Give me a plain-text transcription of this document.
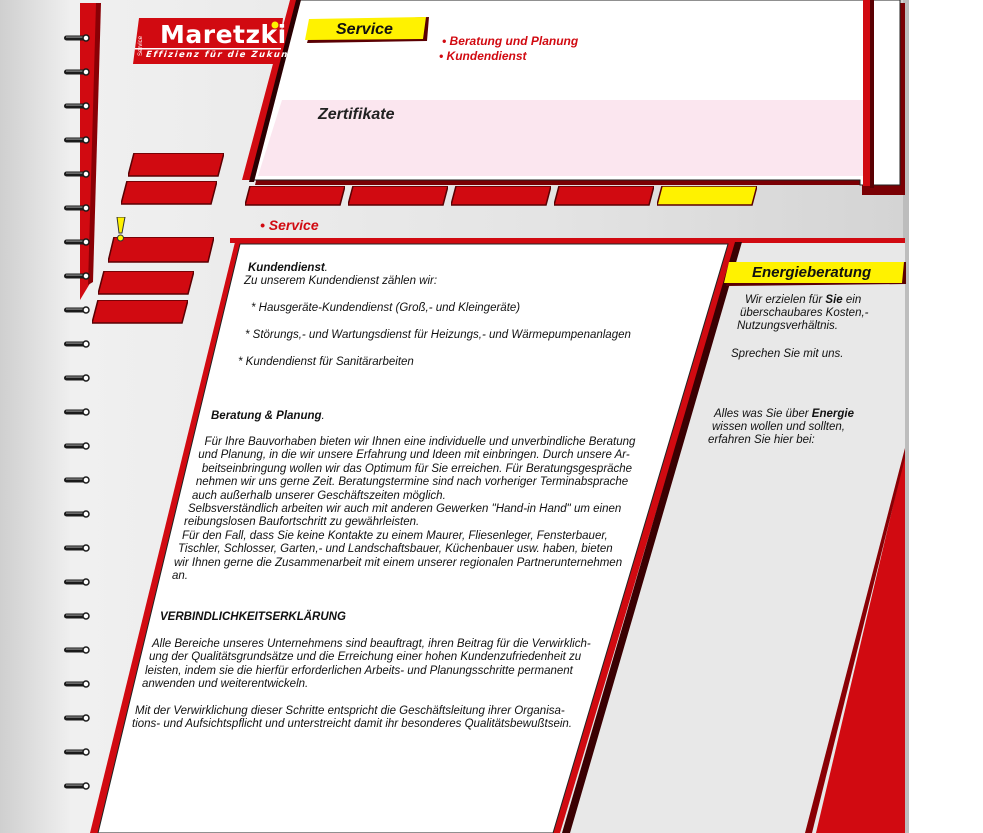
Service Maretzki
Effizienz für die Zukunft!
Service
• Beratung und Planung
• Kundendienst
Zertifikate
• Service
Energieberatung
Wir erzielen für Sie ein
überschaubares Kosten,-
Nutzungsverhältnis.
Sprechen Sie mit uns.
Alles was Sie über Energie
wissen wollen und sollten,
erfahren Sie hier bei:
Kundendienst.
Zu unserem Kundendienst zählen wir:
* Hausgeräte-Kundendienst (Groß,- und Kleingeräte)
* Störungs,- und Wartungsdienst für Heizungs,- und Wärmepumpenanlagen
* Kundendienst für Sanitärarbeiten
Beratung & Planung.
Für Ihre Bauvorhaben bieten wir Ihnen eine individuelle und unverbindliche Beratung
und Planung, in die wir unsere Erfahrung und Ideen mit einbringen. Durch unsere Ar-
beitseinbringung wollen wir das Optimum für Sie erreichen. Für Beratungsgespräche
nehmen wir uns gerne Zeit. Beratungstermine sind nach vorheriger Terminabsprache
auch außerhalb unserer Geschäftszeiten möglich.
Selbsverständlich arbeiten wir auch mit anderen Gewerken "Hand-in Hand" um einen
reibungslosen Baufortschritt zu gewährleisten.
Für den Fall, dass Sie keine Kontakte zu einem Maurer, Fliesenleger, Fensterbauer,
Tischler, Schlosser, Garten,- und Landschaftsbauer, Küchenbauer usw. haben, bieten
wir Ihnen gerne die Zusammenarbeit mit einem unserer regionalen Partnerunternehmen
an.
VERBINDLICHKEITSERKLÄRUNG
Alle Bereiche unseres Unternehmens sind beauftragt, ihren Beitrag für die Verwirklich-
ung der Qualitätsgrundsätze und die Erreichung einer hohen Kundenzufriedenheit zu
leisten, indem sie die hierfür erforderlichen Arbeits- und Planungsschritte permanent
anwenden und weiterentwickeln.
Mit der Verwirklichung dieser Schritte entspricht die Geschäftsleitung ihrer Organisa-
tions- und Aufsichtspflicht und unterstreicht damit ihr besonderes Qualitätsbewußtsein.
